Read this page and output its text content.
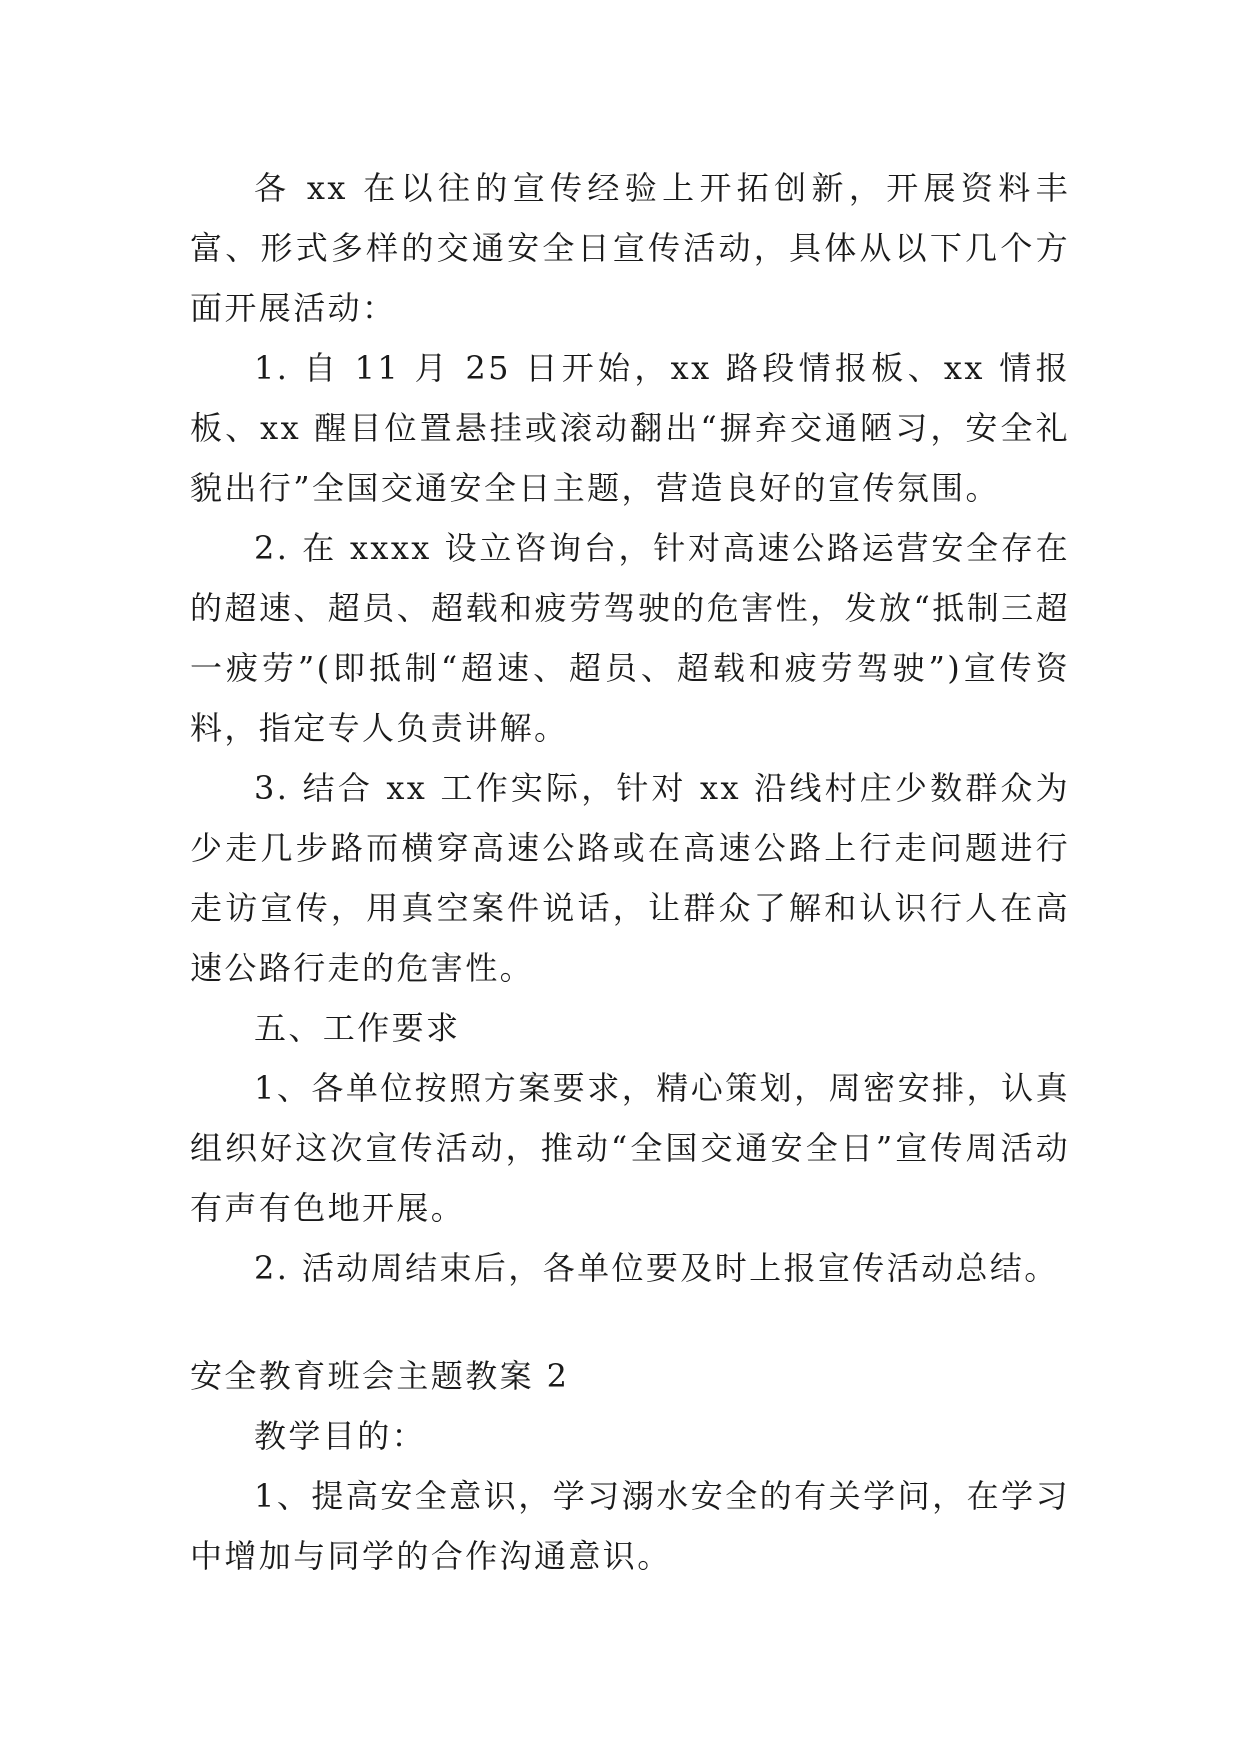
各 xx 在以往的宣传经验上开拓创新，开展资料丰富、形式多样的交通安全日宣传活动，具体从以下几个方面开展活动：

1. 自 11 月 25 日开始，xx 路段情报板、xx 情报板、xx 醒目位置悬挂或滚动翻出“摒弃交通陋习，安全礼貌出行”全国交通安全日主题，营造良好的宣传氛围。

2. 在 xxxx 设立咨询台，针对高速公路运营安全存在的超速、超员、超载和疲劳驾驶的危害性，发放“抵制三超一疲劳”(即抵制“超速、超员、超载和疲劳驾驶”)宣传资料，指定专人负责讲解。

3. 结合 xx 工作实际，针对 xx 沿线村庄少数群众为少走几步路而横穿高速公路或在高速公路上行走问题进行走访宣传，用真空案件说话，让群众了解和认识行人在高速公路行走的危害性。

五、工作要求

1、各单位按照方案要求，精心策划，周密安排，认真组织好这次宣传活动，推动“全国交通安全日”宣传周活动有声有色地开展。

2. 活动周结束后，各单位要及时上报宣传活动总结。

安全教育班会主题教案 2

教学目的：

1、提高安全意识，学习溺水安全的有关学问，在学习中增加与同学的合作沟通意识。
